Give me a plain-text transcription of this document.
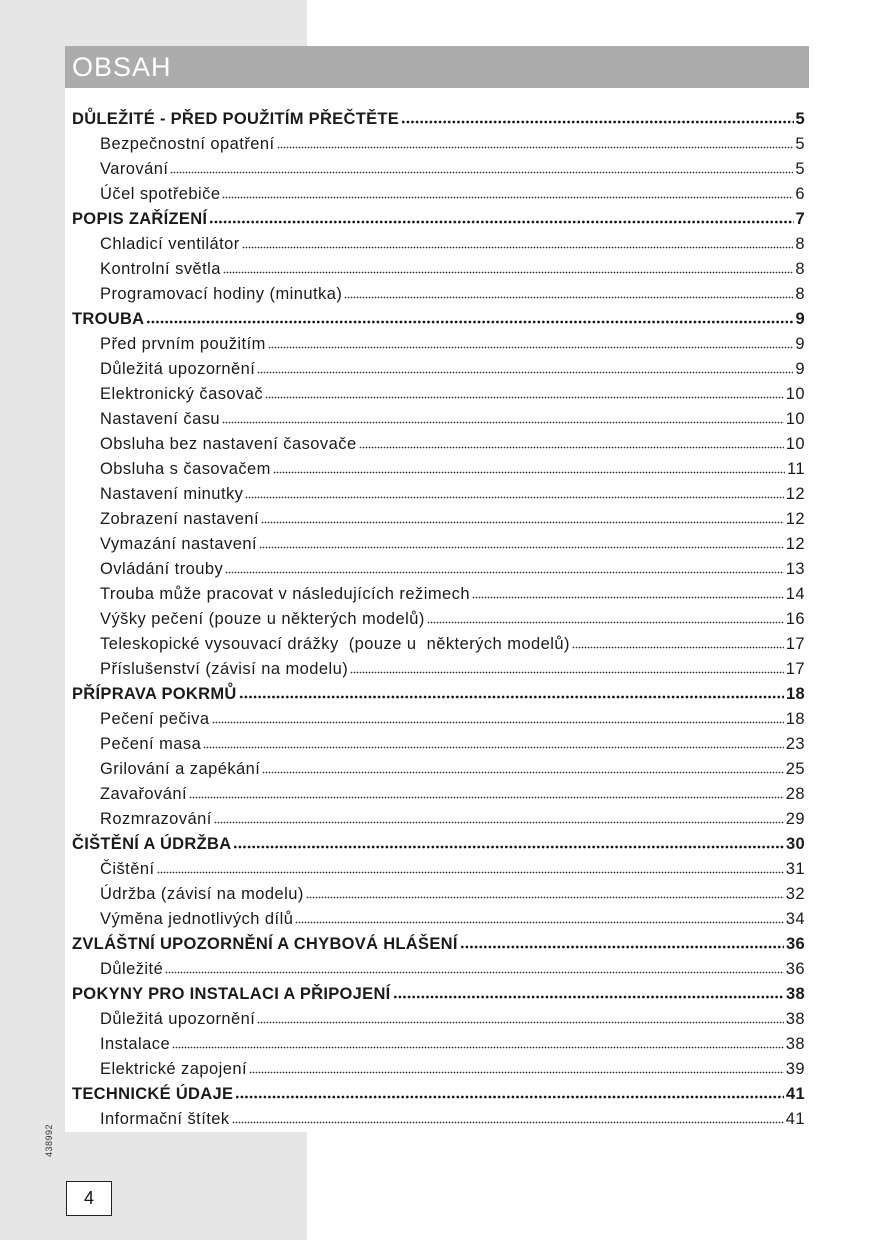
OBSAH
DŮLEŽITÉ - PŘED POUŽITÍM PŘEČTĚTE	5
Bezpečnostní opatření	5
Varování	5
Účel spotřebiče	6
POPIS ZAŘÍZENÍ	7
Chladicí ventilátor	8
Kontrolní světla	8
Programovací hodiny (minutka)	8
TROUBA	9
Před prvním použitím	9
Důležitá upozornění	9
Elektronický časovač	10
Nastavení času	10
Obsluha bez nastavení časovače	10
Obsluha s časovačem	11
Nastavení minutky	12
Zobrazení nastavení	12
Vymazání nastavení	12
Ovládání trouby	13
Trouba může pracovat v následujících režimech	14
Výšky pečení (pouze u některých modelů)	16
Teleskopické vysouvací drážky  (pouze u  některých modelů)	17
Příslušenství (závisí na modelu)	17
PŘÍPRAVA POKRMŮ	18
Pečení pečiva	18
Pečení masa	23
Grilování a zapékání	25
Zavařování	28
Rozmrazování	29
ČIŠTĚNÍ A ÚDRŽBA	30
Čištění	31
Údržba (závisí na modelu)	32
Výměna jednotlivých dílů	34
ZVLÁŠTNÍ UPOZORNĚNÍ A CHYBOVÁ HLÁŠENÍ	36
Důležité	36
POKYNY PRO INSTALACI A PŘIPOJENÍ	38
Důležitá upozornění	38
Instalace	38
Elektrické zapojení	39
TECHNICKÉ ÚDAJE	41
Informační štítek	41
438992
4
